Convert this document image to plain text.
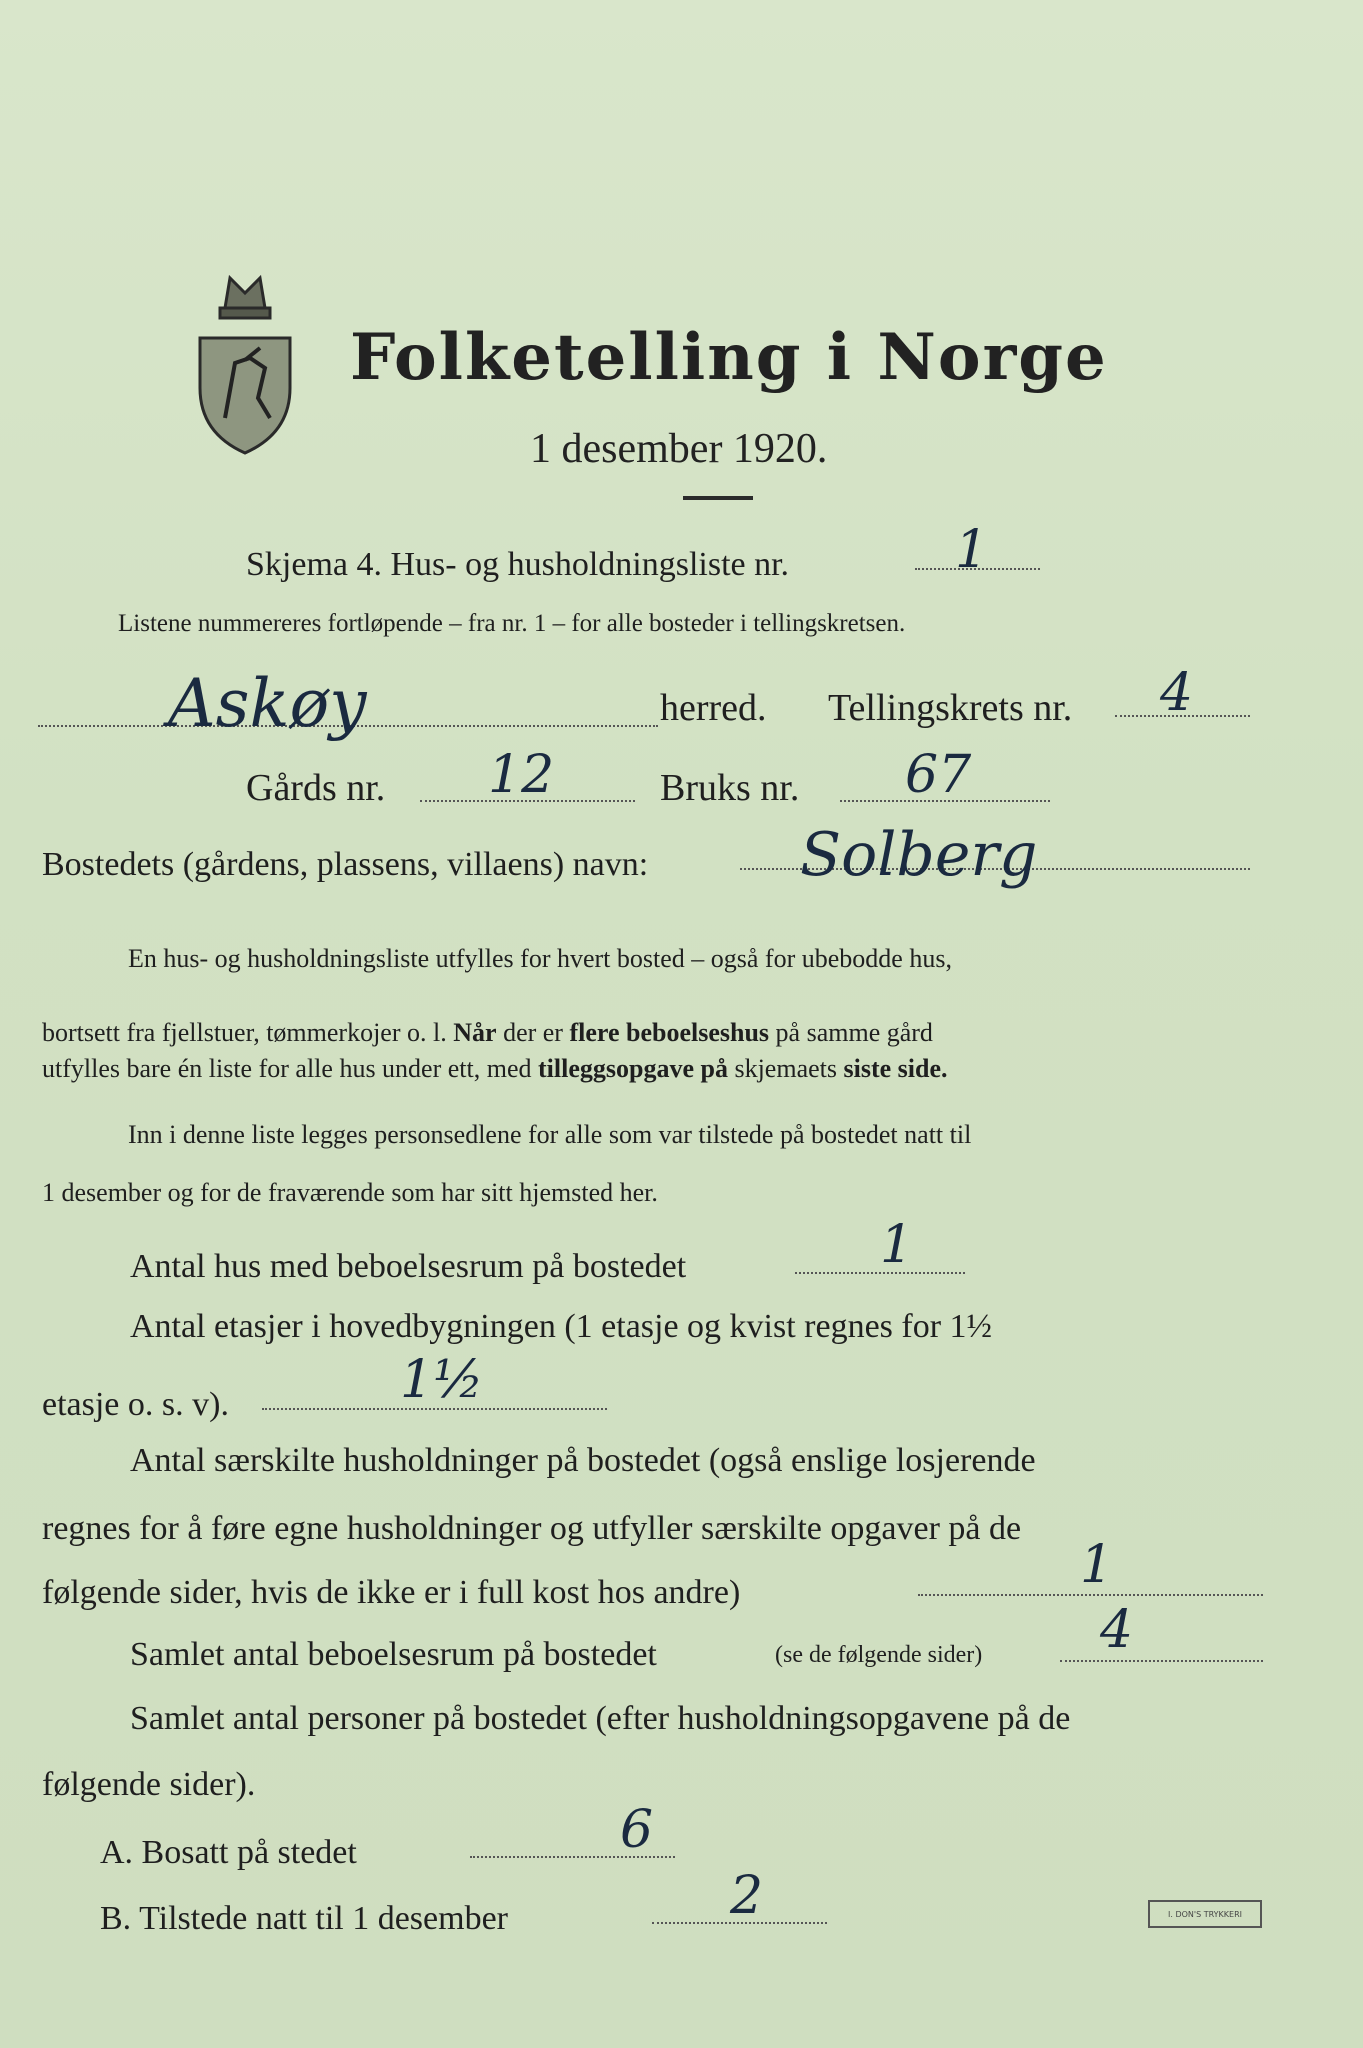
Folketelling i Norge
1 desember 1920.
Skjema 4. Hus- og husholdningsliste nr.	1
Listene nummereres fortløpende – fra nr. 1 – for alle bosteder i tellingskretsen.
Askøy	herred. Tellingskrets nr. 4
Gårds nr. 12	Bruks nr. 67
Bostedets (gårdens, plassens, villaens) navn:	Solberg
En hus- og husholdningsliste utfylles for hvert bosted – også for ubebodde hus,
bortsett fra fjellstuer, tømmerkojer o. l. Når der er flere beboelseshus på samme gård
utfylles bare én liste for alle hus under ett, med tilleggsopgave på skjemaets siste side.
Inn i denne liste legges personsedlene for alle som var tilstede på bostedet natt til
1 desember og for de fraværende som har sitt hjemsted her.
Antal hus med beboelsesrum på bostedet	1
Antal etasjer i hovedbygningen (1 etasje og kvist regnes for 1½
etasje o. s. v).	1½
Antal særskilte husholdninger på bostedet (også enslige losjerende
regnes for å føre egne husholdninger og utfyller særskilte opgaver på de
følgende sider, hvis de ikke er i full kost hos andre)	1
Samlet antal beboelsesrum på bostedet	(se de følgende sider) 4
Samlet antal personer på bostedet (efter husholdningsopgavene på de
følgende sider).
A. Bosatt på stedet	6
B. Tilstede natt til 1 desember	2	I. DON'S TRYKKERI
